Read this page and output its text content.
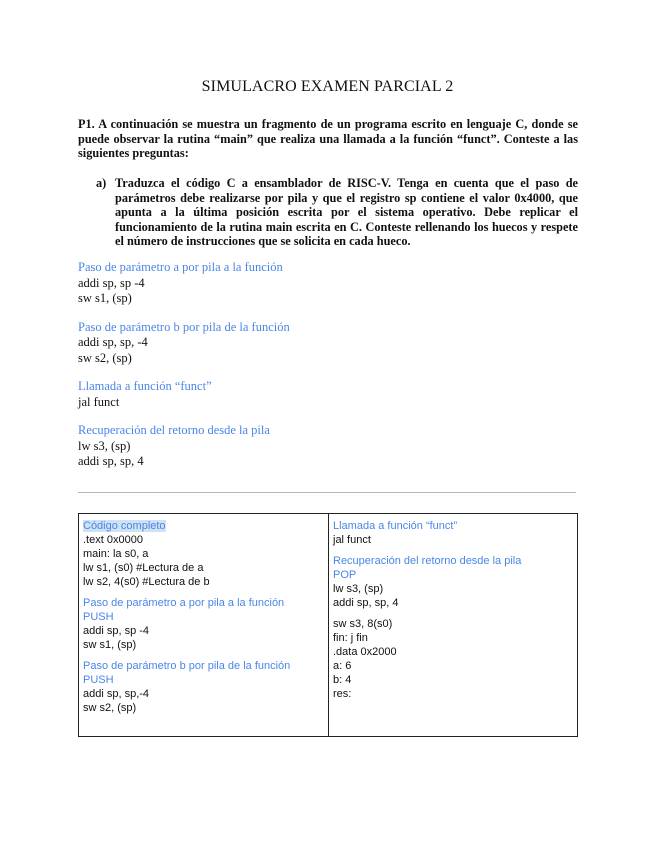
SIMULACRO EXAMEN PARCIAL 2
P1. A continuación se muestra un fragmento de un programa escrito en lenguaje C, donde se puede observar la rutina “main” que realiza una llamada a la función “funct”. Conteste a las siguientes preguntas:
a) Traduzca el código C a ensamblador de RISC-V. Tenga en cuenta que el paso de parámetros debe realizarse por pila y que el registro sp contiene el valor 0x4000, que apunta a la última posición escrita por el sistema operativo. Debe replicar el funcionamiento de la rutina main escrita en C. Conteste rellenando los huecos y respete el número de instrucciones que se solicita en cada hueco.
Paso de parámetro a por pila a la función
addi sp, sp -4
sw s1, (sp)
Paso de parámetro b por pila de la función
addi sp, sp, -4
sw s2, (sp)
Llamada a función “funct”
jal funct
Recuperación del retorno desde la pila
lw s3, (sp)
addi sp, sp, 4
Código completo
.text 0x0000
main: la s0, a
lw s1, (s0) #Lectura de a
lw s2, 4(s0) #Lectura de b
Paso de parámetro a por pila a la función
PUSH
addi sp, sp -4
sw s1, (sp)
Paso de parámetro b por pila de la función
PUSH
addi sp, sp,-4
sw s2, (sp)
Llamada a función “funct”
jal funct
Recuperación del retorno desde la pila
POP
lw s3, (sp)
addi sp, sp, 4
sw s3, 8(s0)
fin: j fin
.data 0x2000
a: 6
b: 4
res:
